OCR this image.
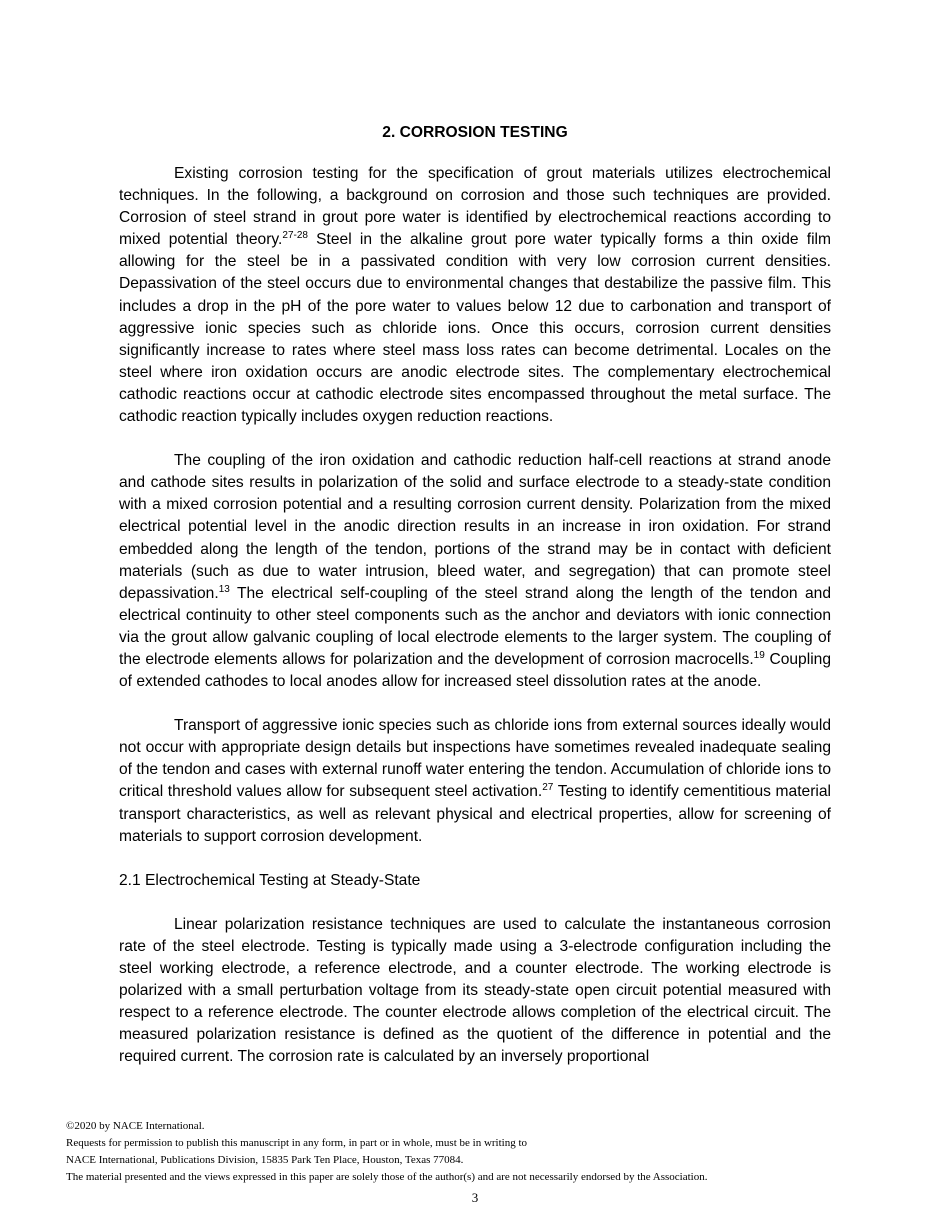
2. CORROSION TESTING

Existing corrosion testing for the specification of grout materials utilizes electrochemical techniques. In the following, a background on corrosion and those such techniques are provided. Corrosion of steel strand in grout pore water is identified by electrochemical reactions according to mixed potential theory.$^{27-28}$ Steel in the alkaline grout pore water typically forms a thin oxide film allowing for the steel be in a passivated condition with very low corrosion current densities. Depassivation of the steel occurs due to environmental changes that destabilize the passive film. This includes a drop in the pH of the pore water to values below 12 due to carbonation and transport of aggressive ionic species such as chloride ions. Once this occurs, corrosion current densities significantly increase to rates where steel mass loss rates can become detrimental. Locales on the steel where iron oxidation occurs are anodic electrode sites. The complementary electrochemical cathodic reactions occur at cathodic electrode sites encompassed throughout the metal surface. The cathodic reaction typically includes oxygen reduction reactions.

The coupling of the iron oxidation and cathodic reduction half-cell reactions at strand anode and cathode sites results in polarization of the solid and surface electrode to a steady-state condition with a mixed corrosion potential and a resulting corrosion current density. Polarization from the mixed electrical potential level in the anodic direction results in an increase in iron oxidation. For strand embedded along the length of the tendon, portions of the strand may be in contact with deficient materials (such as due to water intrusion, bleed water, and segregation) that can promote steel depassivation.$^{13}$ The electrical self-coupling of the steel strand along the length of the tendon and electrical continuity to other steel components such as the anchor and deviators with ionic connection via the grout allow galvanic coupling of local electrode elements to the larger system. The coupling of the electrode elements allows for polarization and the development of corrosion macrocells.$^{19}$ Coupling of extended cathodes to local anodes allow for increased steel dissolution rates at the anode.

Transport of aggressive ionic species such as chloride ions from external sources ideally would not occur with appropriate design details but inspections have sometimes revealed inadequate sealing of the tendon and cases with external runoff water entering the tendon. Accumulation of chloride ions to critical threshold values allow for subsequent steel activation.$^{27}$ Testing to identify cementitious material transport characteristics, as well as relevant physical and electrical properties, allow for screening of materials to support corrosion development.

2.1 Electrochemical Testing at Steady-State

Linear polarization resistance techniques are used to calculate the instantaneous corrosion rate of the steel electrode. Testing is typically made using a 3-electrode configuration including the steel working electrode, a reference electrode, and a counter electrode. The working electrode is polarized with a small perturbation voltage from its steady-state open circuit potential measured with respect to a reference electrode. The counter electrode allows completion of the electrical circuit. The measured polarization resistance is defined as the quotient of the difference in potential and the required current. The corrosion rate is calculated by an inversely proportional

©2020 by NACE International.
Requests for permission to publish this manuscript in any form, in part or in whole, must be in writing to
NACE International, Publications Division, 15835 Park Ten Place, Houston, Texas 77084.
The material presented and the views expressed in this paper are solely those of the author(s) and are not necessarily endorsed by the Association.
3
